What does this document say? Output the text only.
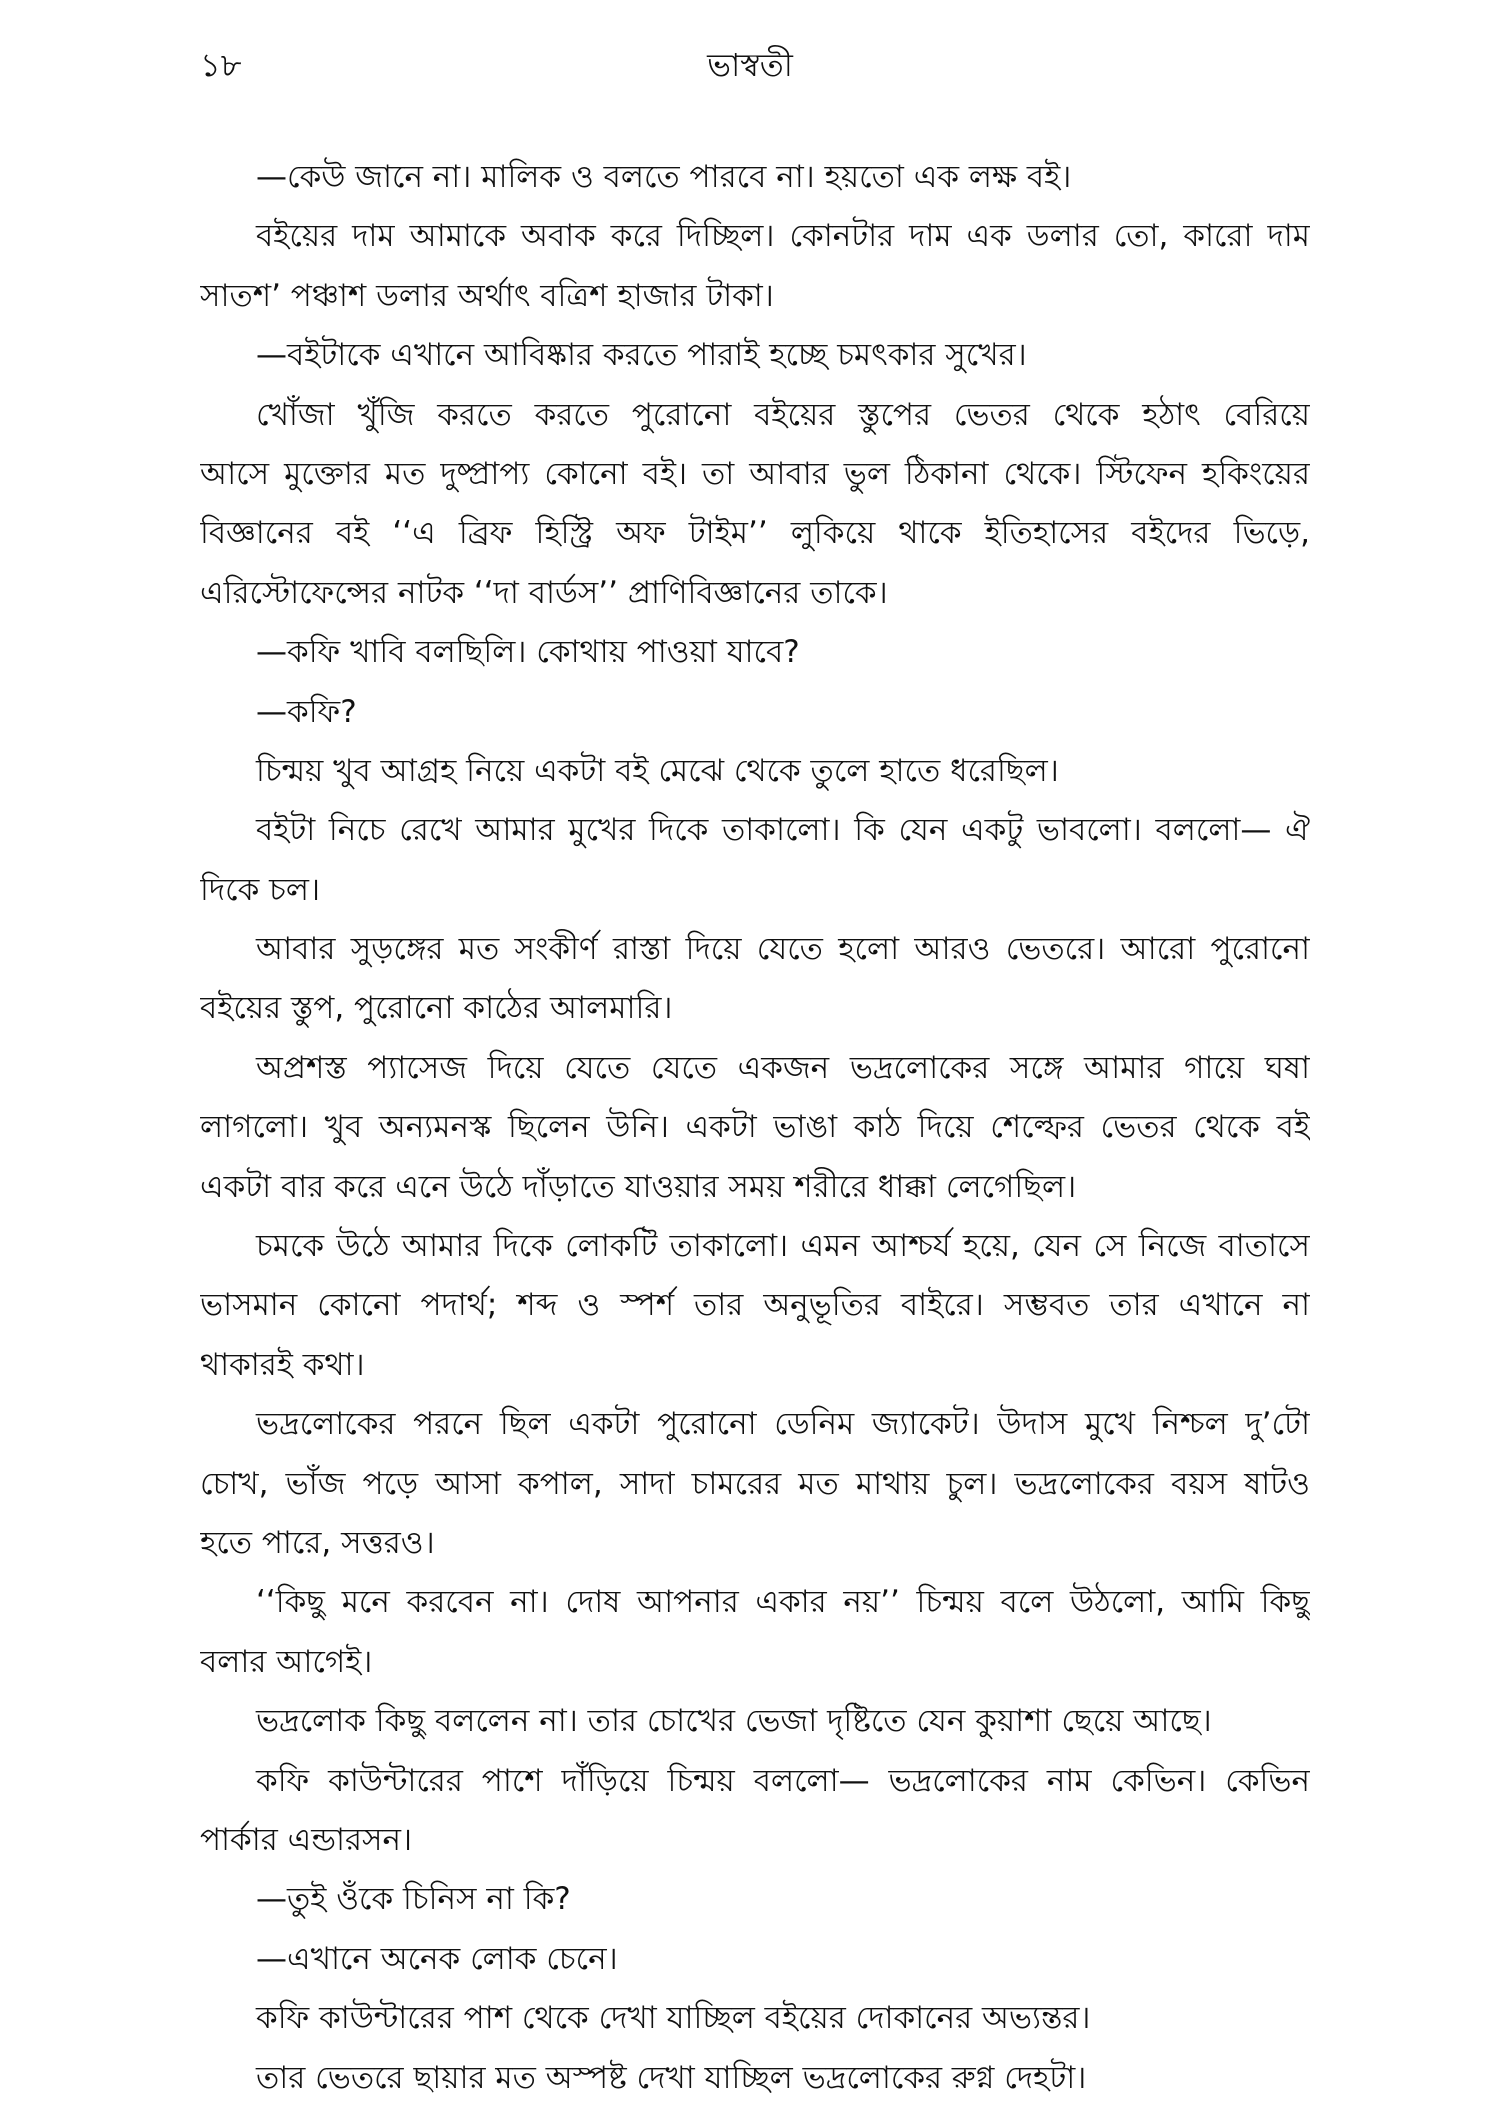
১৮	ভাস্বতী
—কেউ জানে না। মালিক ও বলতে পারবে না। হয়তো এক লক্ষ বই।
বইয়ের দাম আমাকে অবাক করে দিচ্ছিল। কোনটার দাম এক ডলার তো, কারো দাম
সাতশ’ পঞ্চাশ ডলার অর্থাৎ বত্রিশ হাজার টাকা।
—বইটাকে এখানে আবিষ্কার করতে পারাই হচ্ছে চমৎকার সুখের।
খোঁজা খুঁজি করতে করতে পুরোনো বইয়ের স্তুপের ভেতর থেকে হঠাৎ বেরিয়ে
আসে মুক্তোর মত দুষ্প্রাপ্য কোনো বই। তা আবার ভুল ঠিকানা থেকে। স্টিফেন হকিংয়ের
বিজ্ঞানের বই ‘‘এ ব্রিফ হিস্ট্রি অফ টাইম’’ লুকিয়ে থাকে ইতিহাসের বইদের ভিড়ে,
এরিস্টোফেন্সের নাটক ‘‘দা বার্ডস’’ প্রাণিবিজ্ঞানের তাকে।
—কফি খাবি বলছিলি। কোথায় পাওয়া যাবে?
—কফি?
চিন্ময় খুব আগ্রহ নিয়ে একটা বই মেঝে থেকে তুলে হাতে ধরেছিল।
বইটা নিচে রেখে আমার মুখের দিকে তাকালো। কি যেন একটু ভাবলো। বললো— ঐ
দিকে চল।
আবার সুড়ঙ্গের মত সংকীর্ণ রাস্তা দিয়ে যেতে হলো আরও ভেতরে। আরো পুরোনো
বইয়ের স্তুপ, পুরোনো কাঠের আলমারি।
অপ্রশস্ত প্যাসেজ দিয়ে যেতে যেতে একজন ভদ্রলোকের সঙ্গে আমার গায়ে ঘষা
লাগলো। খুব অন্যমনস্ক ছিলেন উনি। একটা ভাঙা কাঠ দিয়ে শেল্ফের ভেতর থেকে বই
একটা বার করে এনে উঠে দাঁড়াতে যাওয়ার সময় শরীরে ধাক্কা লেগেছিল।
চমকে উঠে আমার দিকে লোকটি তাকালো। এমন আশ্চর্য হয়ে, যেন সে নিজে বাতাসে
ভাসমান কোনো পদার্থ; শব্দ ও স্পর্শ তার অনুভূতির বাইরে। সম্ভবত তার এখানে না
থাকারই কথা।
ভদ্রলোকের পরনে ছিল একটা পুরোনো ডেনিম জ্যাকেট। উদাস মুখে নিশ্চল দু’টো
চোখ, ভাঁজ পড়ে আসা কপাল, সাদা চামরের মত মাথায় চুল। ভদ্রলোকের বয়স ষাটও
হতে পারে, সত্তরও।
‘‘কিছু মনে করবেন না। দোষ আপনার একার নয়’’ চিন্ময় বলে উঠলো, আমি কিছু
বলার আগেই।
ভদ্রলোক কিছু বললেন না। তার চোখের ভেজা দৃষ্টিতে যেন কুয়াশা ছেয়ে আছে।
কফি কাউন্টারের পাশে দাঁড়িয়ে চিন্ময় বললো— ভদ্রলোকের নাম কেভিন। কেভিন
পার্কার এন্ডারসন।
—তুই ওঁকে চিনিস না কি?
—এখানে অনেক লোক চেনে।
কফি কাউন্টারের পাশ থেকে দেখা যাচ্ছিল বইয়ের দোকানের অভ্যন্তর।
তার ভেতরে ছায়ার মত অস্পষ্ট দেখা যাচ্ছিল ভদ্রলোকের রুগ্ন দেহটা।
